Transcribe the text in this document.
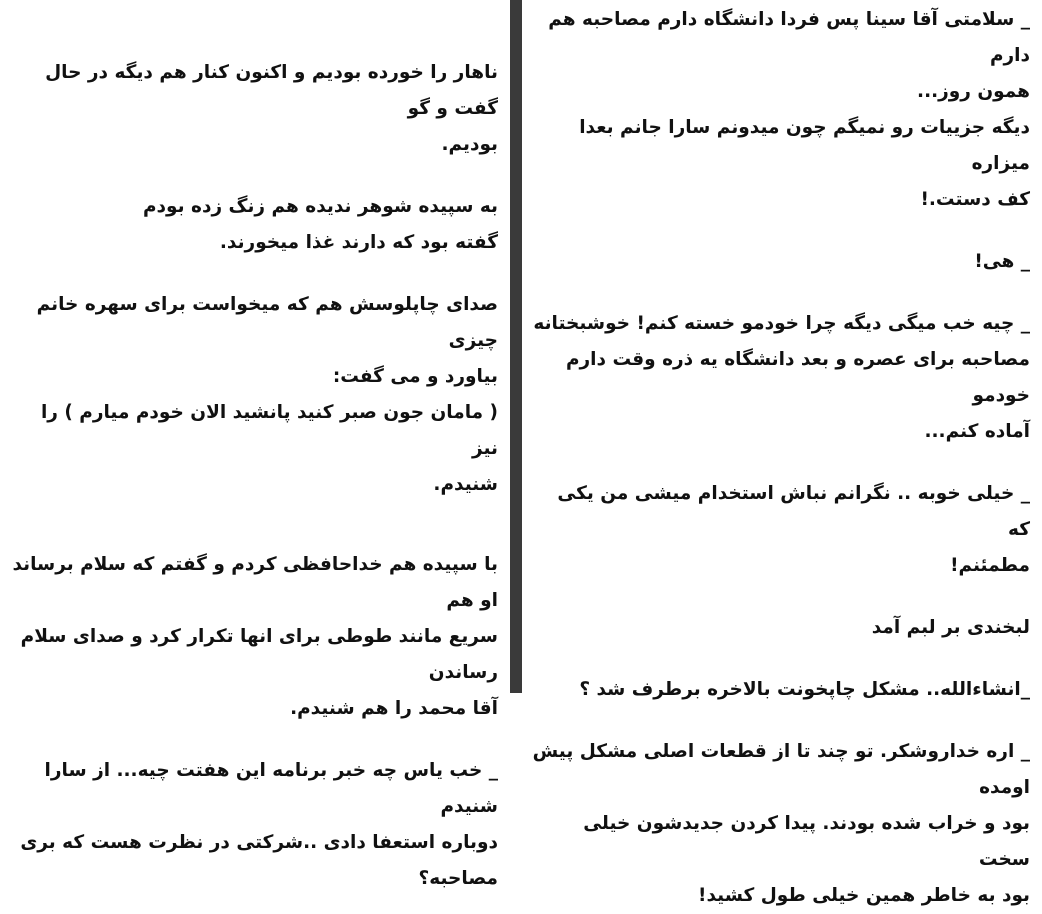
ناهار را خورده بودیم و اکنون کنار هم دیگه در حال گفت و گو
بودیم.

به سپیده شوهر ندیده هم زنگ زده بودم
گفته بود که دارند غذا میخورند.

صدای چاپلوسش هم که میخواست برای سهره خانم چیزی
بیاورد و می گفت:
( مامان جون صبر کنید پانشید الان خودم میارم ) را نیز
شنیدم.

با سپیده هم خداحافظی کردم و گفتم که سلام برساند او هم
سریع مانند طوطی برای انها تکرار کرد و صدای سلام رساندن
آقا محمد را هم شنیدم.

_ خب یاس چه خبر برنامه این هفتت چیه... از سارا شنیدم
دوباره استعفا دادی ..شرکتی در نظرت هست که بری
مصاحبه؟

_ سلامتی آقا سینا پس فردا دانشگاه دارم مصاحبه هم دارم
همون روز...
دیگه جزییات رو نمیگم چون میدونم سارا جانم بعدا میزاره
کف دستت.!

_ هی!

_ چیه خب میگی دیگه چرا خودمو خسته کنم! خوشبختانه
مصاحبه برای عصره و بعد دانشگاه یه ذره وقت دارم خودمو
آماده کنم...

_ خیلی خوبه .. نگرانم نباش استخدام میشی من یکی که
مطمئنم!

لبخندی بر لبم آمد

_انشاءالله.. مشکل چاپخونت بالاخره برطرف شد ؟

_ اره خداروشکر. تو چند تا از قطعات اصلی مشکل پیش اومده
بود و خراب شده بودند. پیدا کردن جدیدشون خیلی سخت
بود به خاطر همین خیلی طول کشید!
